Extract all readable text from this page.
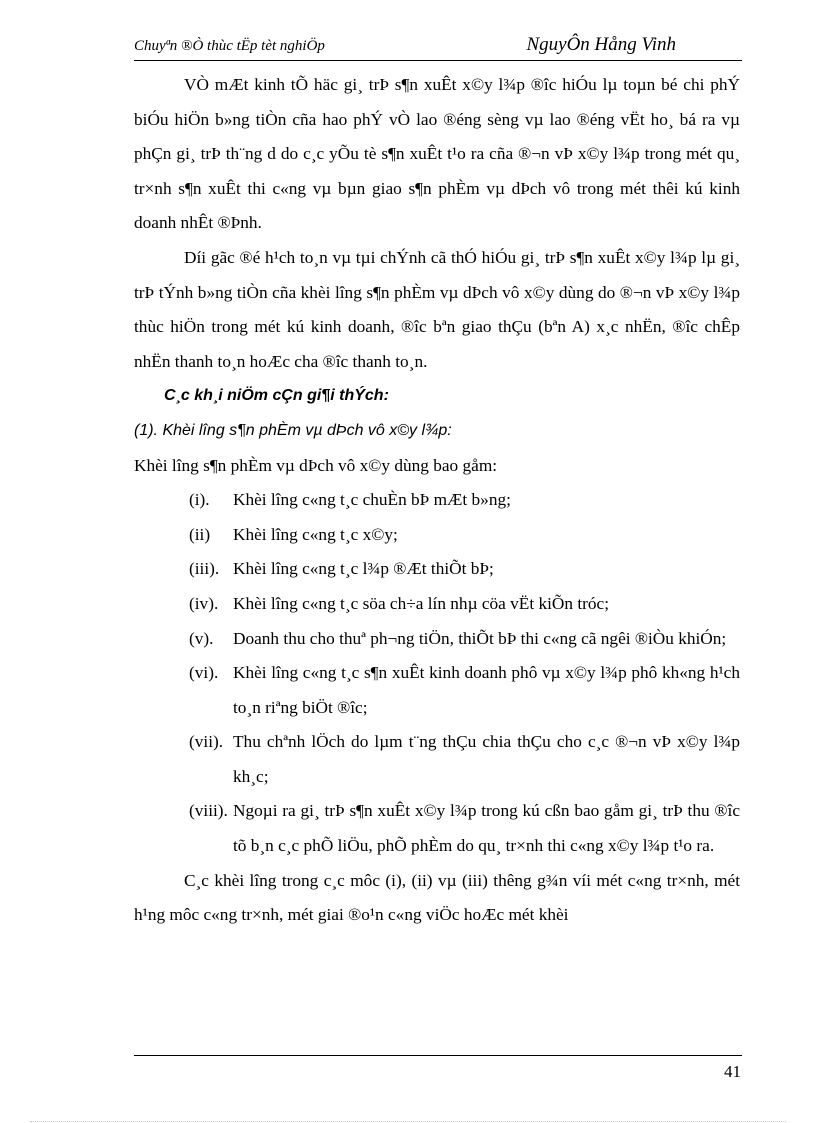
Chuyªn ®Ò thùc tËp tèt nghiÖp	NguyÔn Hång Vinh

VÒ mÆt kinh tÕ häc gi¸ trÞ s¶n xuÊt x©y l¾p ®îc hiÓu lµ toµn bé chi phÝ biÓu hiÖn b»ng tiÒn cña hao phÝ vÒ lao ®éng sèng vµ lao ®éng vËt ho¸ bá ra vµ phÇn gi¸ trÞ th¨ng d do c¸c yÕu tè s¶n xuÊt t¹o ra cña ®¬n vÞ x©y l¾p trong mét qu¸ tr×nh s¶n xuÊt thi c«ng vµ bµn giao s¶n phÈm vµ dÞch vô trong mét thêi kú kinh doanh nhÊt ®Þnh.

Díi gãc ®é h¹ch to¸n vµ tµi chÝnh cã thÓ hiÓu gi¸ trÞ s¶n xuÊt x©y l¾p lµ gi¸ trÞ tÝnh b»ng tiÒn cña khèi lîng s¶n phÈm vµ dÞch vô x©y dùng do ®¬n vÞ x©y l¾p thùc hiÖn trong mét kú kinh doanh, ®îc bªn giao thÇu (bªn A) x¸c nhËn, ®îc chÊp nhËn thanh to¸n hoÆc cha ®îc thanh to¸n.

C¸c kh¸i niÖm cÇn gi¶i thÝch:

(1). Khèi lîng s¶n phÈm vµ dÞch vô x©y l¾p:

Khèi lîng s¶n phÈm vµ dÞch vô x©y dùng bao gåm:

(i).	Khèi lîng c«ng t¸c chuÈn bÞ mÆt b»ng;
(ii)	Khèi lîng c«ng t¸c x©y;
(iii). Khèi lîng c«ng t¸c l¾p ®Æt thiÕt bÞ;
(iv). Khèi lîng c«ng t¸c söa ch÷a lín nhµ cöa vËt kiÕn tróc;
(v).	Doanh thu cho thuª ph¬ng tiÖn, thiÕt bÞ thi c«ng cã ngêi ®iÒu khiÓn;
(vi). Khèi lîng c«ng t¸c s¶n xuÊt kinh doanh phô vµ x©y l¾p phô kh«ng h¹ch to¸n riªng biÖt ®îc;
(vii). Thu chªnh lÖch do lµm t¨ng thÇu chia thÇu cho c¸c ®¬n vÞ x©y l¾p kh¸c;
(viii). Ngoµi ra gi¸ trÞ s¶n xuÊt x©y l¾p trong kú cßn bao gåm gi¸ trÞ thu ®îc tõ b¸n c¸c phÕ liÖu, phÕ phÈm do qu¸ tr×nh thi c«ng x©y l¾p t¹o ra.

C¸c khèi lîng trong c¸c môc (i), (ii) vµ (iii) thêng g¾n víi mét c«ng tr×nh, mét h¹ng môc c«ng tr×nh, mét giai ®o¹n c«ng viÖc hoÆc mét khèi

41
